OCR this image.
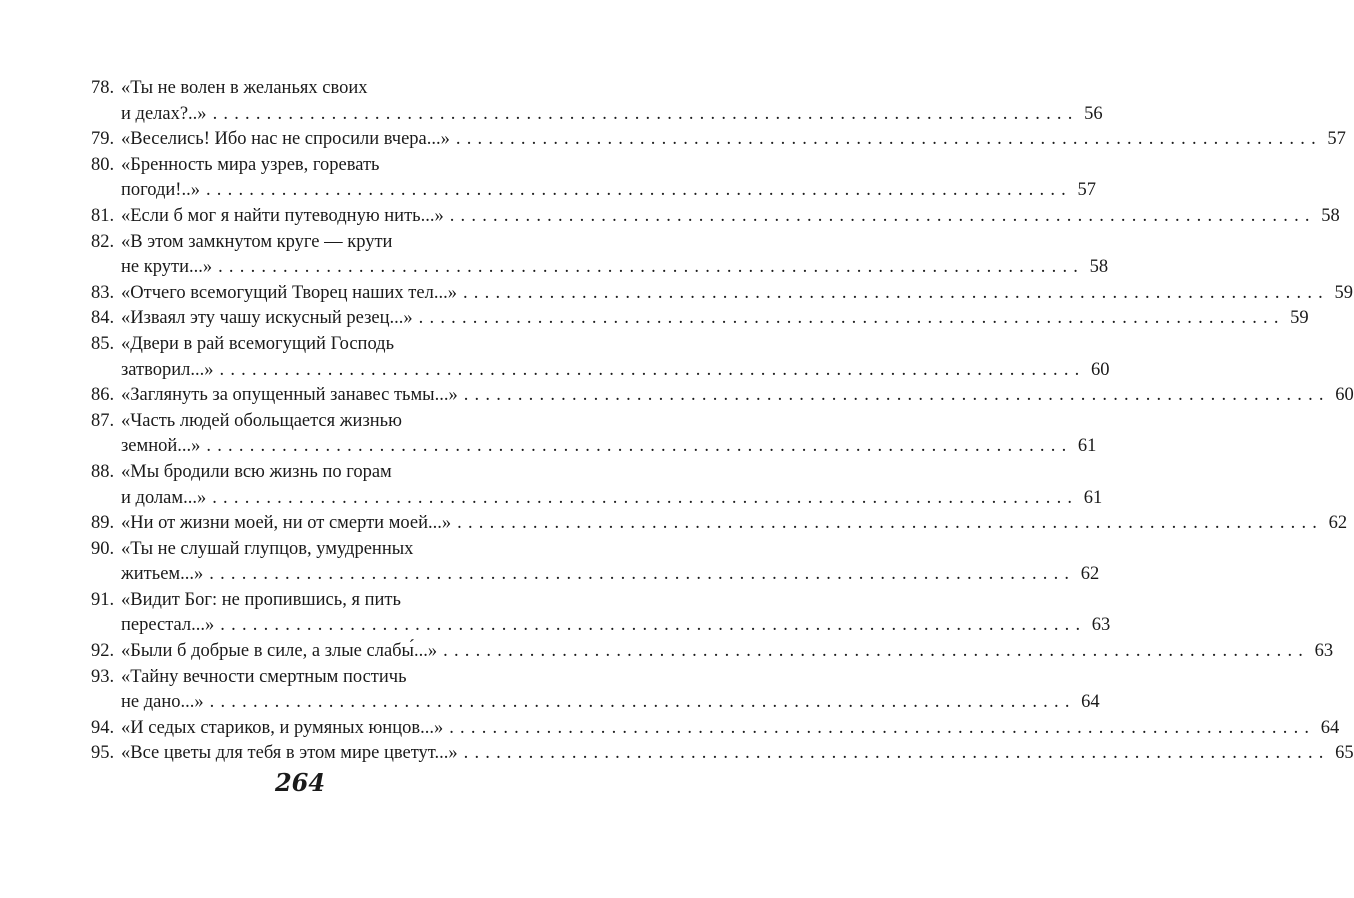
78. «Ты не волен в желаньях своих
и делах?..» ................................................................................ 56
79. «Веселись! Ибо нас не спросили вчера...» ................................................................................ 57
80. «Бренность мира узрев, горевать
погоди!..» ................................................................................ 57
81. «Если б мог я найти путеводную нить...» ................................................................................ 58
82. «В этом замкнутом круге — крути
не крути...» ................................................................................ 58
83. «Отчего всемогущий Творец наших тел...» ................................................................................ 59
84. «Изваял эту чашу искусный резец...» ................................................................................ 59
85. «Двери в рай всемогущий Господь
затворил...» ................................................................................ 60
86. «Заглянуть за опущенный занавес тьмы...» ................................................................................ 60
87. «Часть людей обольщается жизнью
земной...» ................................................................................ 61
88. «Мы бродили всю жизнь по горам
и долам...» ................................................................................ 61
89. «Ни от жизни моей, ни от смерти моей...» ................................................................................ 62
90. «Ты не слушай глупцов, умудренных
житьем...» ................................................................................ 62
91. «Видит Бог: не пропившись, я пить
перестал...» ................................................................................ 63
92. «Были б добрые в силе, а злые слабы́...» ................................................................................ 63
93. «Тайну вечности смертным постичь
не дано...» ................................................................................ 64
94. «И седых стариков, и румяных юнцов...» ................................................................................ 64
95. «Все цветы для тебя в этом мире цветут...» ................................................................................ 65
264
